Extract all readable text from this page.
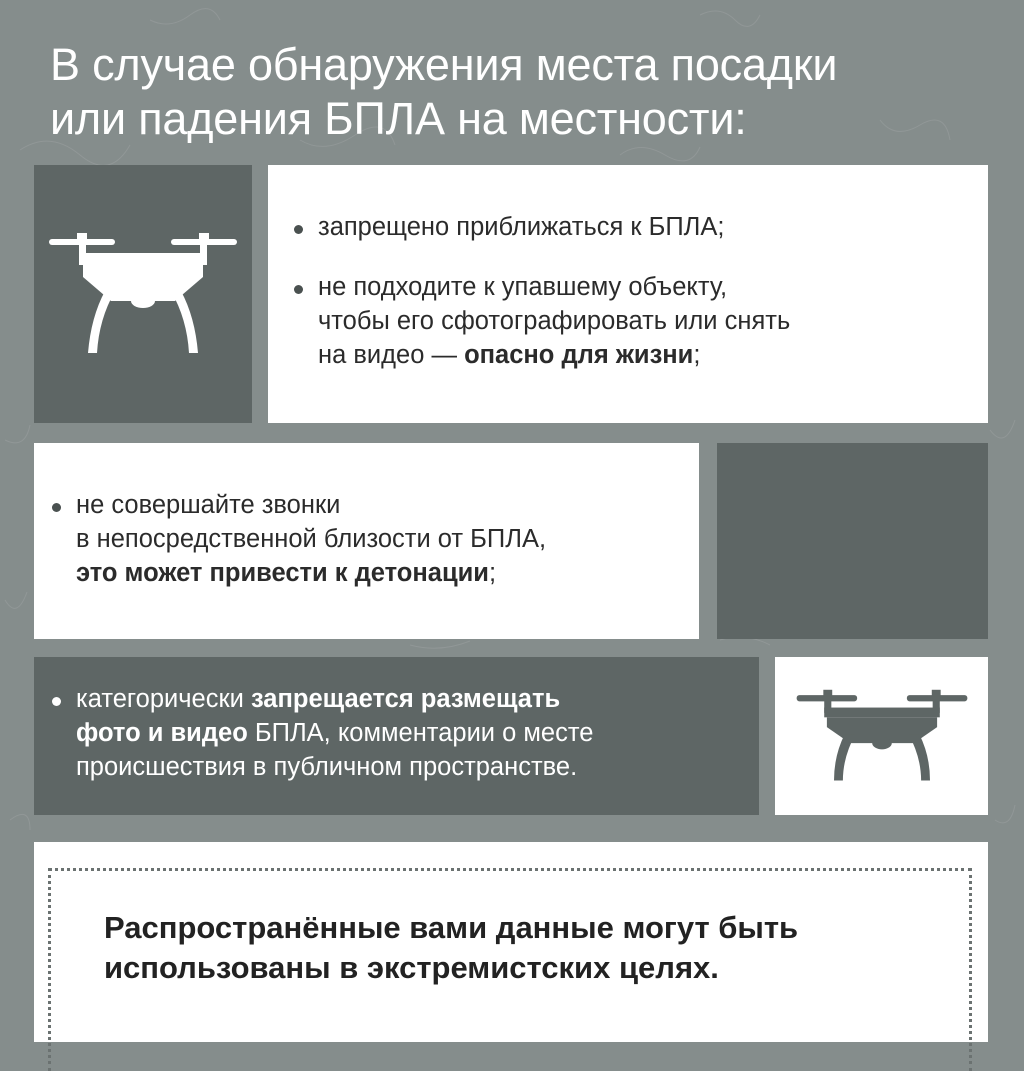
В случае обнаружения места посадки
или падения БПЛА на местности:
запрещено приближаться к БПЛА;
не подходите к упавшему объекту,
чтобы его сфотографировать или снять
на видео — опасно для жизни;
не совершайте звонки
в непосредственной близости от БПЛА,
это может привести к детонации;
категорически запрещается размещать
фото и видео БПЛА, комментарии о месте
происшествия в публичном пространстве.
Распространённые вами данные могут быть
использованы в экстремистских целях.
